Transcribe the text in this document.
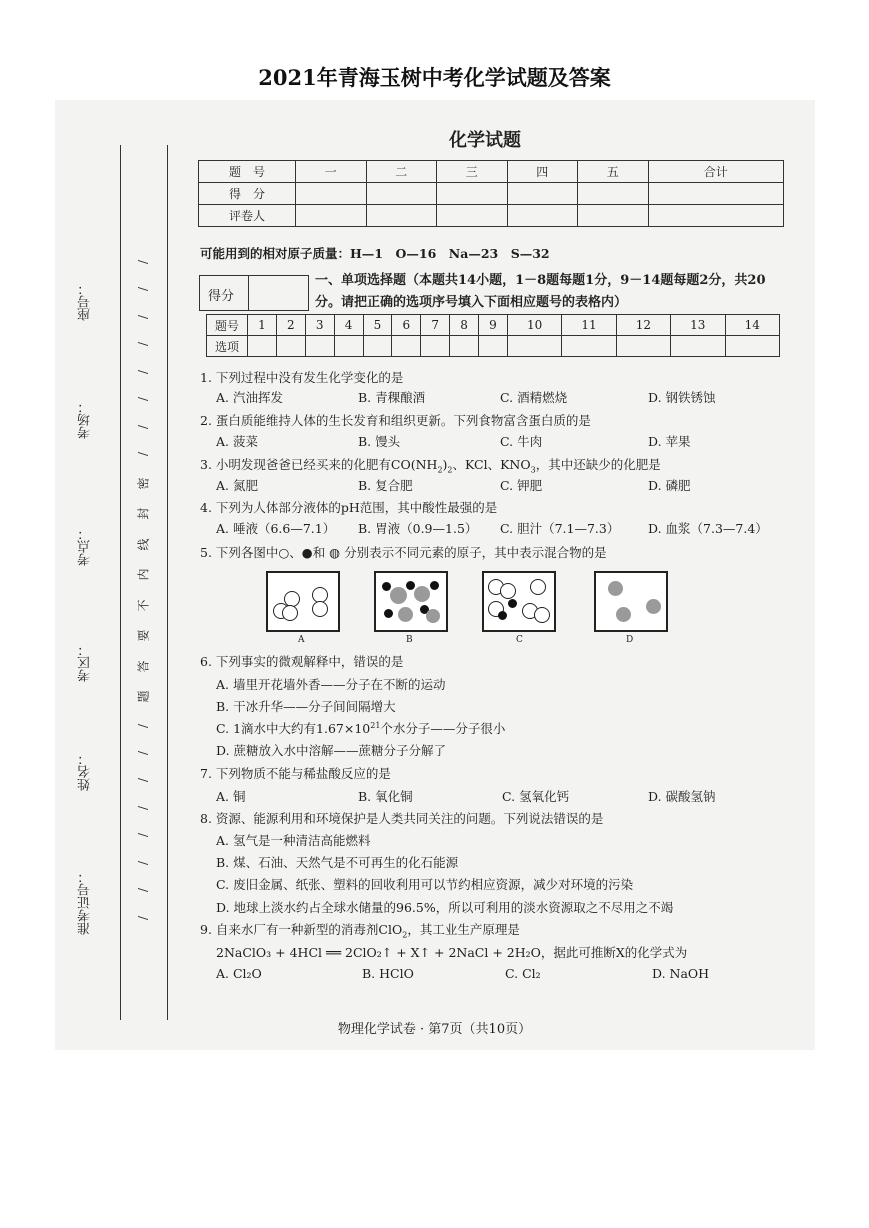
2021年青海玉树中考化学试题及答案
准考证号：
姓名：
考区：
考点：
考场：
座号：
/
/
/
/
/
/
/
/
密
封
线
内
不
要
答
题
/
/
/
/
/
/
/
/
化学试题
题　号	一	二	三	四	五	合计
得　分						
评卷人						
可能用到的相对原子质量：H—1　O—16　Na—23　S—32
得分
一、单项选择题（本题共14小题，1－8题每题1分，9－14题每题2分，共20分。请把正确的选项序号填入下面相应题号的表格内）
题号	1	2	3	4	5	6	7	8	9	10	11	12	13	14
选项														
1. 下列过程中没有发生化学变化的是
A. 汽油挥发	B. 青稞酿酒	C. 酒精燃烧	D. 钢铁锈蚀
2. 蛋白质能维持人体的生长发育和组织更新。下列食物富含蛋白质的是
A. 菠菜	B. 馒头	C. 牛肉	D. 苹果
3. 小明发现爸爸已经买来的化肥有$CO(NH_2)_2$、KCl、$KNO_3$，其中还缺少的化肥是
A. 氮肥	B. 复合肥	C. 钾肥	D. 磷肥
4. 下列为人体部分液体的pH范围，其中酸性最强的是
A. 唾液（6.6—7.1） B. 胃液（0.9—1.5） C. 胆汁（7.1—7.3） D. 血浆（7.3—7.4）
5. 下列各图中○、●和 ◍ 分别表示不同元素的原子，其中表示混合物的是
A	B	C	D
6. 下列事实的微观解释中，错误的是
A. 墙里开花墙外香——分子在不断的运动
B. 干冰升华——分子间间隔增大
C. 1滴水中大约有$1.67\times 10^{21}$个水分子——分子很小
D. 蔗糖放入水中溶解——蔗糖分子分解了
7. 下列物质不能与稀盐酸反应的是
A. 铜	B. 氧化铜	C. 氢氧化钙	D. 碳酸氢钠
8. 资源、能源利用和环境保护是人类共同关注的问题。下列说法错误的是
A. 氢气是一种清洁高能燃料
B. 煤、石油、天然气是不可再生的化石能源
C. 废旧金属、纸张、塑料的回收利用可以节约相应资源，减少对环境的污染
D. 地球上淡水约占全球水储量的96.5%，所以可利用的淡水资源取之不尽用之不竭
9. 自来水厂有一种新型的消毒剂ClO$_2$，其工业生产原理是
2NaClO₃ + 4HCl ══ 2ClO₂↑ + X↑ + 2NaCl + 2H₂O，据此可推断X的化学式为
A. Cl₂O	B. HClO	C. Cl₂	D. NaOH
物理化学试卷 · 第7页（共10页）
